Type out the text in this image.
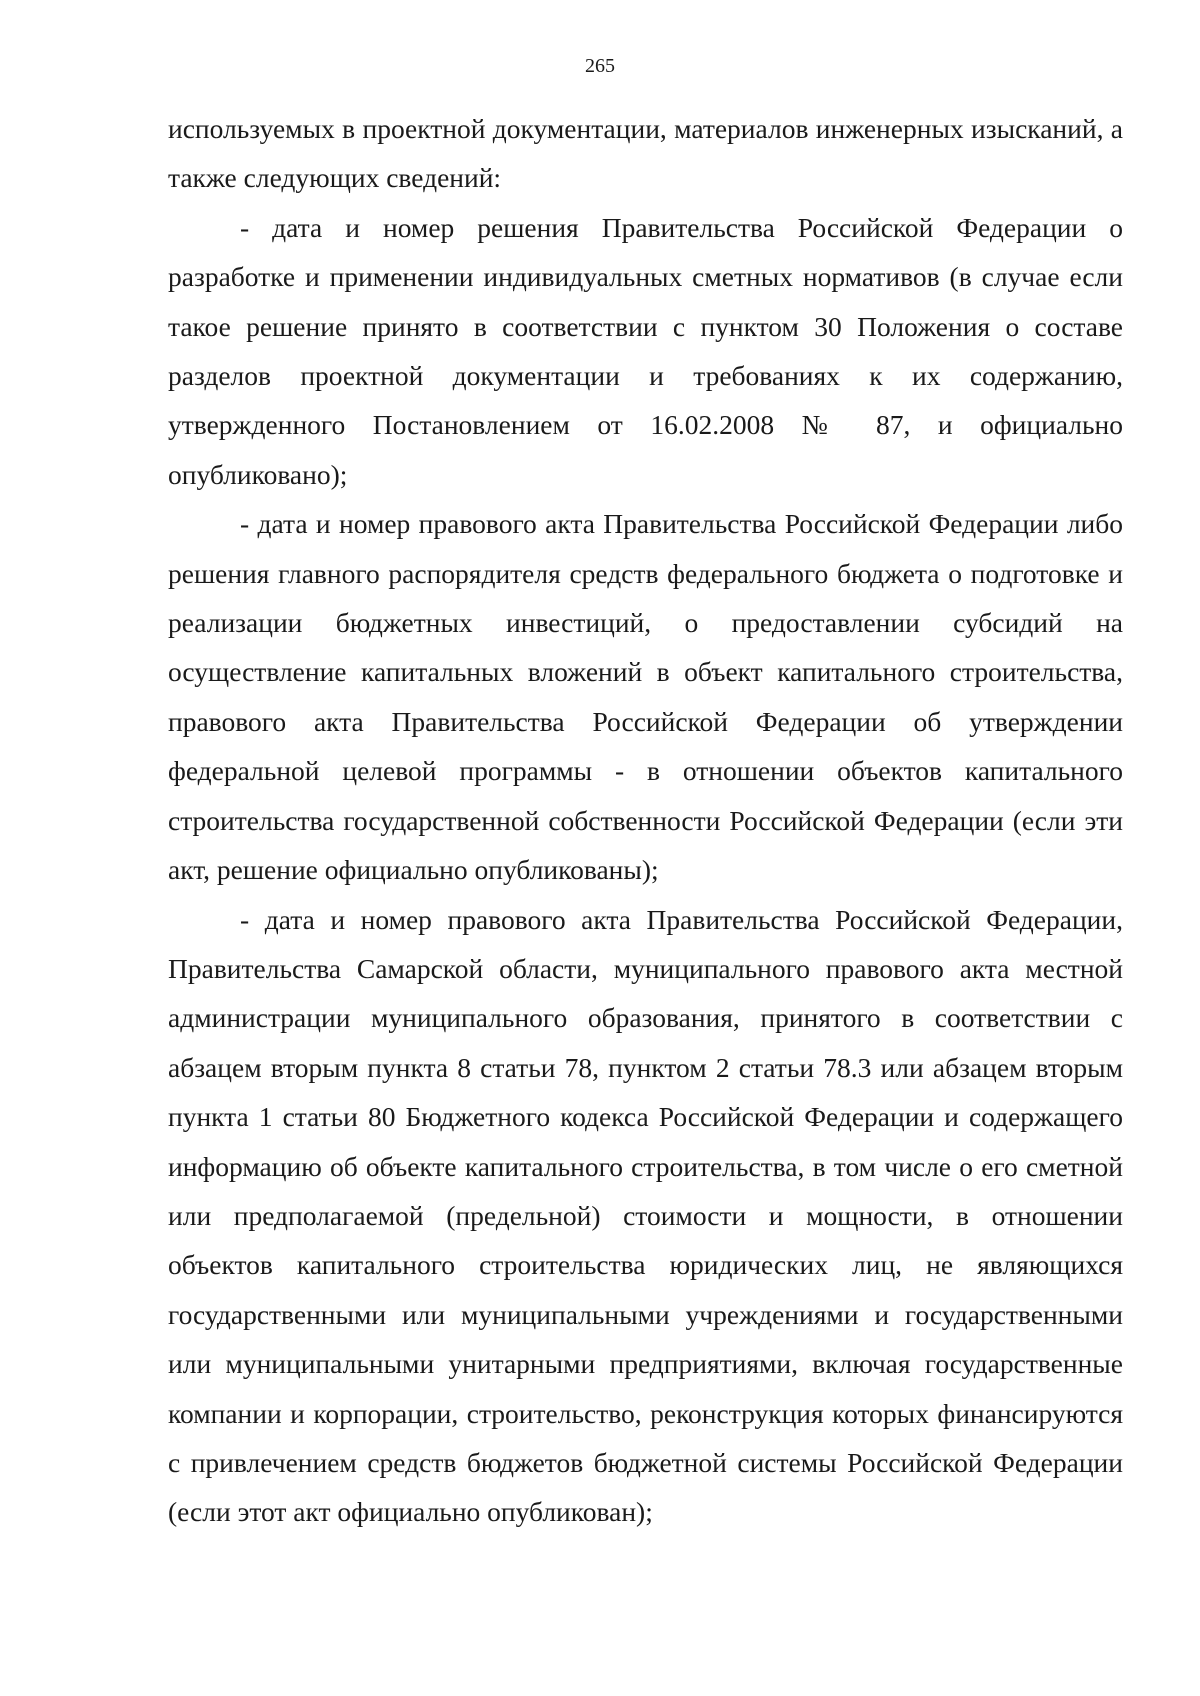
265

используемых в проектной документации, материалов инженерных изысканий, а также следующих сведений:

- дата и номер решения Правительства Российской Федерации о разработке и применении индивидуальных сметных нормативов (в случае если такое решение принято в соответствии с пунктом 30 Положения о составе разделов проектной документации и требованиях к их содержанию, утвержденного Постановлением от 16.02.2008 № 87, и официально опубликовано);

- дата и номер правового акта Правительства Российской Федерации либо решения главного распорядителя средств федерального бюджета о подготовке и реализации бюджетных инвестиций, о предоставлении субсидий на осуществление капитальных вложений в объект капитального строительства, правового акта Правительства Российской Федерации об утверждении федеральной целевой программы - в отношении объектов капитального строительства государственной собственности Российской Федерации (если эти акт, решение официально опубликованы);

- дата и номер правового акта Правительства Российской Федерации, Правительства Самарской области, муниципального правового акта местной администрации муниципального образования, принятого в соответствии с абзацем вторым пункта 8 статьи 78, пунктом 2 статьи 78.3 или абзацем вторым пункта 1 статьи 80 Бюджетного кодекса Российской Федерации и содержащего информацию об объекте капитального строительства, в том числе о его сметной или предполагаемой (предельной) стоимости и мощности, в отношении объектов капитального строительства юридических лиц, не являющихся государственными или муниципальными учреждениями и государственными или муниципальными унитарными предприятиями, включая государственные компании и корпорации, строительство, реконструкция которых финансируются с привлечением средств бюджетов бюджетной системы Российской Федерации (если этот акт официально опубликован);
